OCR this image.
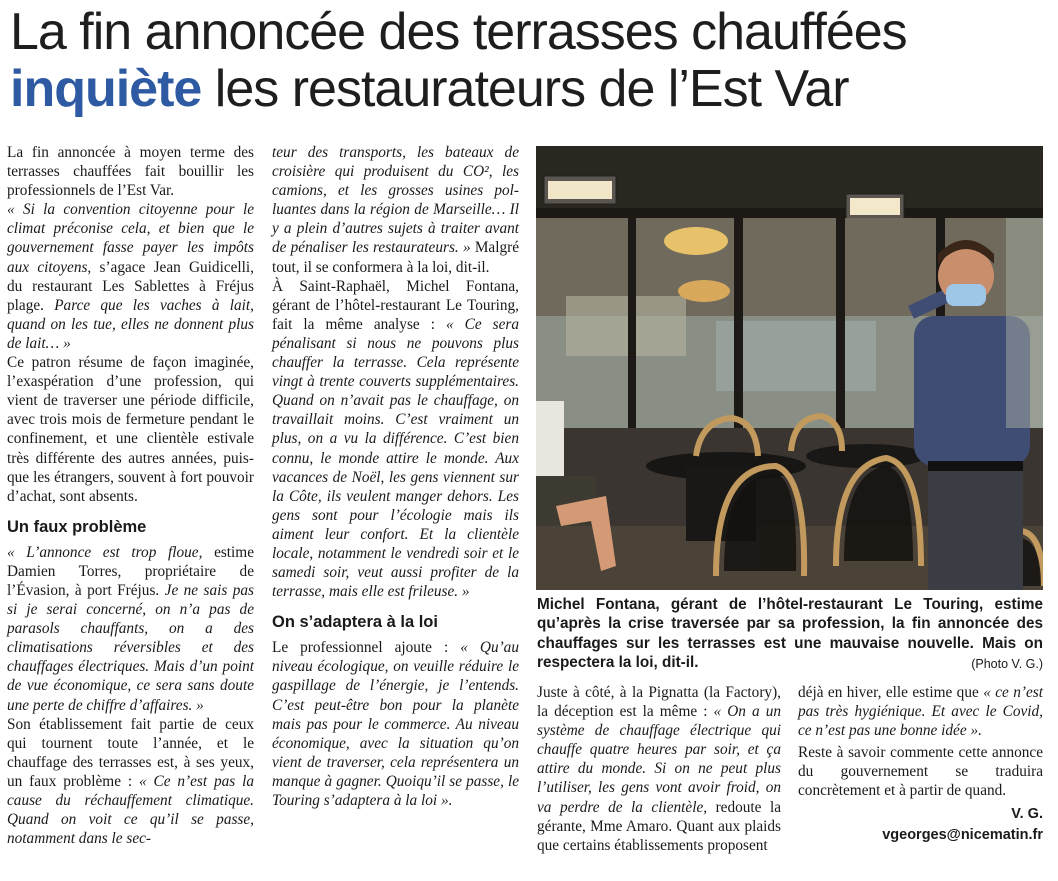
La fin annoncée des terrasses chauffées
inquiète les restaurateurs de l’Est Var

La fin annoncée à moyen terme des terrasses chauffées fait bouillir les professionnels de l’Est Var.

« Si la convention citoyenne pour le climat préconise cela, et bien que le gouvernement fasse payer les impôts aux citoyens, s’agace Jean Guidicelli, du restaurant Les Sablettes à Fréjus plage. Parce que les vaches à lait, quand on les tue, elles ne donnent plus de lait… »

Ce patron résume de façon imaginée, l’exaspération d’une profession, qui vient de traverser une période difficile, avec trois mois de fermeture pendant le confinement, et une clientèle estivale très différente des autres années, puisque les étrangers, souvent à fort pouvoir d’achat, sont absents.

Un faux problème

« L’annonce est trop floue, estime Damien Torres, propriétaire de l’Évasion, à port Fréjus. Je ne sais pas si je serai concerné, on n’a pas de parasols chauffants, on a des climatisations réversibles et des chauffages électriques. Mais d’un point de vue économique, ce sera sans doute une perte de chiffre d’affaires. »

Son établissement fait partie de ceux qui tournent toute l’année, et le chauffage des terrasses est, à ses yeux, un faux problème : « Ce n’est pas la cause du réchauffement climatique. Quand on voit ce qu’il se passe, notamment dans le sec-

teur des transports, les bateaux de croisière qui produisent du CO², les camions, et les grosses usines polluantes dans la région de Marseille… Il y a plein d’autres sujets à traiter avant de pénaliser les restaurateurs. » Malgré tout, il se conformera à la loi, dit-il.

À Saint-Raphaël, Michel Fontana, gérant de l’hôtel-restaurant Le Touring, fait la même analyse : « Ce sera pénalisant si nous ne pouvons plus chauffer la terrasse. Cela représente vingt à trente couverts supplémentaires. Quand on n’avait pas le chauffage, on travaillait moins. C’est vraiment un plus, on a vu la différence. C’est bien connu, le monde attire le monde. Aux vacances de Noël, les gens viennent sur la Côte, ils veulent manger dehors. Les gens sont pour l’écologie mais ils aiment leur confort. Et la clientèle locale, notamment le vendredi soir et le samedi soir, veut aussi profiter de la terrasse, mais elle est frileuse. »

On s’adaptera à la loi

Le professionnel ajoute : « Qu’au niveau écologique, on veuille réduire le gaspillage de l’énergie, je l’entends. C’est peut-être bon pour la planète mais pas pour le commerce. Au niveau économique, avec la situation qu’on vient de traverser, cela représentera un manque à gagner. Quoiqu’il se passe, le Touring s’adaptera à la loi ».

Michel Fontana, gérant de l’hôtel-restaurant Le Touring, estime qu’après la crise traversée par sa profession, la fin annoncée des chauffages sur les terrasses est une mauvaise nouvelle. Mais on respectera la loi, dit-il.	(Photo V. G.)

Juste à côté, à la Pignatta (la Factory), la déception est la même : « On a un système de chauffage électrique qui chauffe quatre heures par soir, et ça attire du monde. Si on ne peut plus l’utiliser, les gens vont avoir froid, on va perdre de la clientèle, redoute la gérante, Mme Amaro. Quant aux plaids que certains établissements proposent

déjà en hiver, elle estime que « ce n’est pas très hygiénique. Et avec le Covid, ce n’est pas une bonne idée ».

Reste à savoir commente cette annonce du gouvernement se traduira concrètement et à partir de quand.

V. G.
vgeorges@nicematin.fr
